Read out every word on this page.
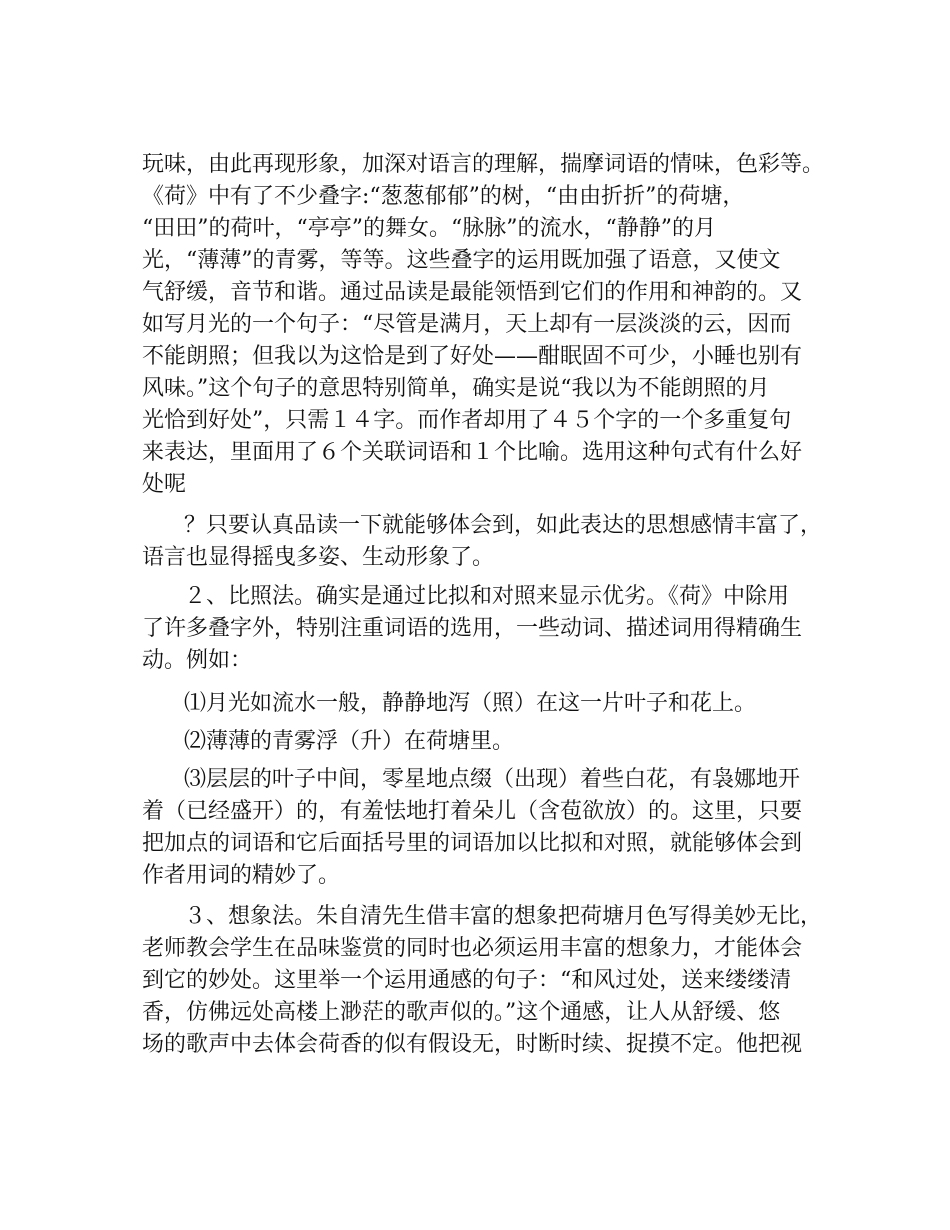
玩味，由此再现形象，加深对语言的理解，揣摩词语的情味，色彩等。
《荷》中有了不少叠字:“葱葱郁郁”的树，“由由折折”的荷塘，
“田田”的荷叶，“亭亭”的舞女。“脉脉”的流水，“静静”的月
光，“薄薄”的青雾，等等。这些叠字的运用既加强了语意，又使文
气舒缓，音节和谐。通过品读是最能领悟到它们的作用和神韵的。又
如写月光的一个句子：“尽管是满月，天上却有一层淡淡的云，因而
不能朗照；但我以为这恰是到了好处——酣眠固不可少，小睡也别有
风味。”这个句子的意思特别简单，确实是说“我以为不能朗照的月
光恰到好处”，只需１４字。而作者却用了４５个字的一个多重复句
来表达，里面用了６个关联词语和１个比喻。选用这种句式有什么好
处呢
？只要认真品读一下就能够体会到，如此表达的思想感情丰富了，
语言也显得摇曳多姿、生动形象了。
２、比照法。确实是通过比拟和对照来显示优劣。《荷》中除用
了许多叠字外，特别注重词语的选用，一些动词、描述词用得精确生
动。例如：
⑴月光如流水一般，静静地泻（照）在这一片叶子和花上。
⑵薄薄的青雾浮（升）在荷塘里。
⑶层层的叶子中间，零星地点缀（出现）着些白花，有袅娜地开
着（已经盛开）的，有羞怯地打着朵儿（含苞欲放）的。这里，只要
把加点的词语和它后面括号里的词语加以比拟和对照，就能够体会到
作者用词的精妙了。
３、想象法。朱自清先生借丰富的想象把荷塘月色写得美妙无比，
老师教会学生在品味鉴赏的同时也必须运用丰富的想象力，才能体会
到它的妙处。这里举一个运用通感的句子：“和风过处，送来缕缕清
香，仿佛远处高楼上渺茫的歌声似的。”这个通感，让人从舒缓、悠
场的歌声中去体会荷香的似有假设无，时断时续、捉摸不定。他把视
